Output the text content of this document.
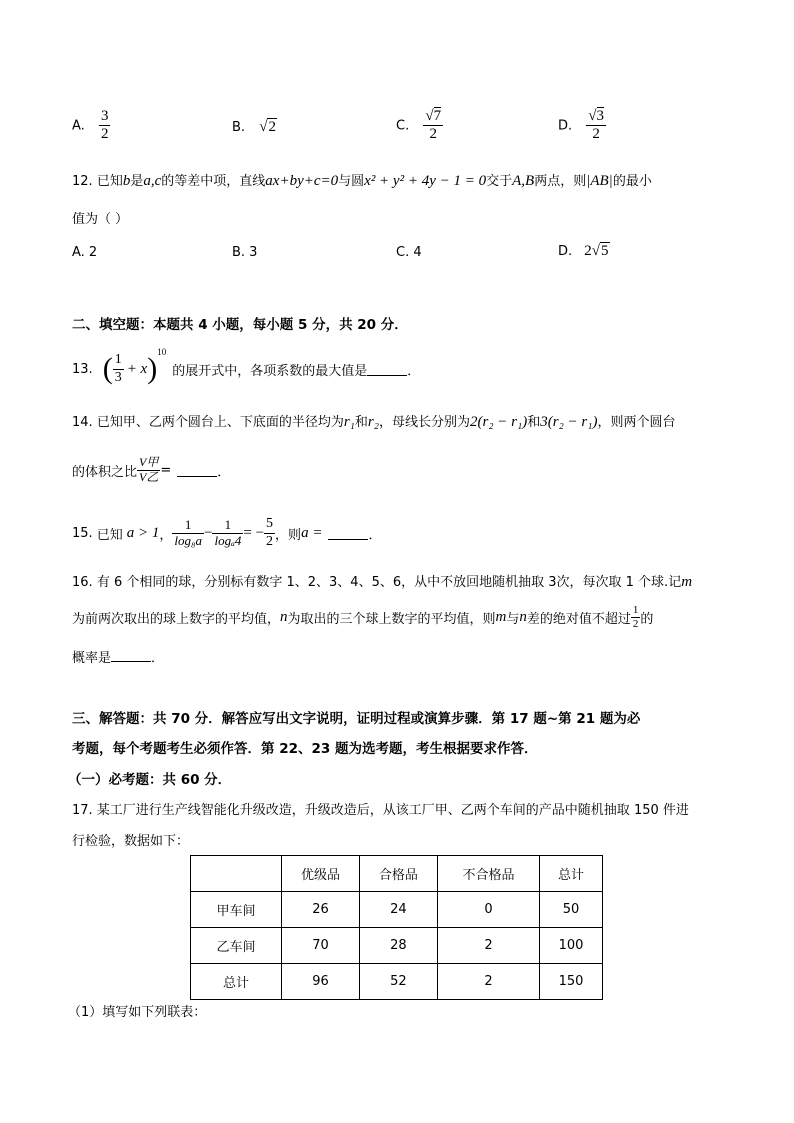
A. $\frac{3}{2}$	B. √2	C. $\frac{√7}{2}$	D. $\frac{√3}{2}$
12. 已知b是a,c的等差中项，直线ax+by+c=0与圆x² + y² + 4y − 1 = 0交于A,B两点，则|AB|的最小
值为（ ）
A. 2	B. 3	C. 4	D. 2√5
二、填空题：本题共 4 小题，每小题 5 分，共 20 分．
13. ( $\frac{1}{3} + x$ ) 10
的展开式中，各项系数的最大值是	．
14. 已知甲、乙两个圆台上、下底面的半径均为r₁和r₂，母线长分别为2(r₂ − r₁)和3(r₂ − r₁)，则两个圆台
的体积之比 $\frac{\text{V甲}}{\text{V乙}}$ =	．
15. 已知 a > 1 ， $\frac{1}{\text{log₈a}} - \frac{1}{\text{logₐ4}}$ = − $\frac{5}{2}$ ，则 a =	．
16. 有 6 个相同的球，分别标有数字 1、2、3、4、5、6，从中不放回地随机抽取 3次，每次取 1 个球.记m
为前两次取出的球上数字的平均值， n 为取出的三个球上数字的平均值，则 m 与 n 差的绝对值不超过 $\frac{1}{2}$ 的
概率是	．
三、解答题：共 70 分．解答应写出文字说明，证明过程或演算步骤．第 17 题~第 21 题为必
考题，每个考题考生必须作答．第 22、23 题为选考题，考生根据要求作答．
（一）必考题：共 60 分．
17. 某工厂进行生产线智能化升级改造，升级改造后，从该工厂甲、乙两个车间的产品中随机抽取 150 件进
行检验，数据如下：
	优级品	合格品	不合格品	总计
甲车间	26	24	0	50
乙车间	70	28	2	100
总计	96	52	2	150
（1）填写如下列联表：
